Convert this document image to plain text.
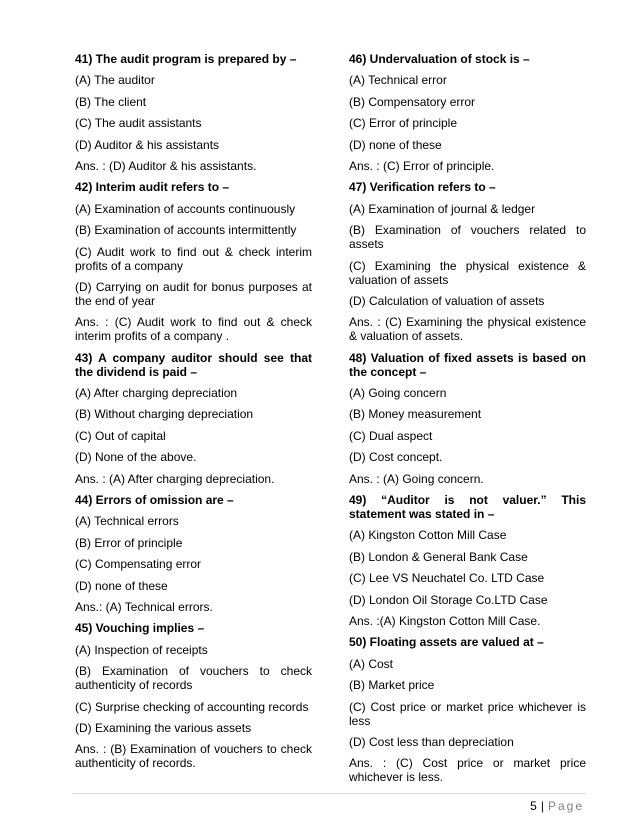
41) The audit program is prepared by –

(A) The auditor

(B) The client

(C) The audit assistants

(D) Auditor & his assistants

Ans. : (D) Auditor & his assistants.

42) Interim audit refers to –

(A) Examination of accounts continuously

(B) Examination of accounts intermittently

(C) Audit work to find out & check interim profits of a company

(D) Carrying on audit for bonus purposes at the end of year

Ans. : (C) Audit work to find out & check interim profits of a company .

43) A company auditor should see that the dividend is paid –

(A) After charging depreciation

(B) Without charging depreciation

(C) Out of capital

(D) None of the above.

Ans. : (A) After charging depreciation.

44) Errors of omission are –

(A) Technical errors

(B) Error of principle

(C) Compensating error

(D) none of these

Ans.: (A) Technical errors.

45) Vouching implies –

(A) Inspection of receipts

(B) Examination of vouchers to check authenticity of records

(C) Surprise checking of accounting records

(D) Examining the various assets

Ans. : (B) Examination of vouchers to check authenticity of records.

46) Undervaluation of stock is –

(A) Technical error

(B) Compensatory error

(C) Error of principle

(D) none of these

Ans. : (C) Error of principle.

47) Verification refers to –

(A) Examination of journal & ledger

(B) Examination of vouchers related to assets

(C) Examining the physical existence & valuation of assets

(D) Calculation of valuation of assets

Ans. : (C) Examining the physical existence & valuation of assets.

48) Valuation of fixed assets is based on the concept –

(A) Going concern

(B) Money measurement

(C) Dual aspect

(D) Cost concept.

Ans. : (A) Going concern.

49) “Auditor is not valuer.” This statement was stated in –

(A) Kingston Cotton Mill Case

(B) London & General Bank Case

(C) Lee VS Neuchatel Co. LTD Case

(D) London Oil Storage Co.LTD Case

Ans. :(A) Kingston Cotton Mill Case.

50) Floating assets are valued at –

(A) Cost

(B) Market price

(C) Cost price or market price whichever is less

(D) Cost less than depreciation

Ans. : (C) Cost price or market price whichever is less.

5 | Page
